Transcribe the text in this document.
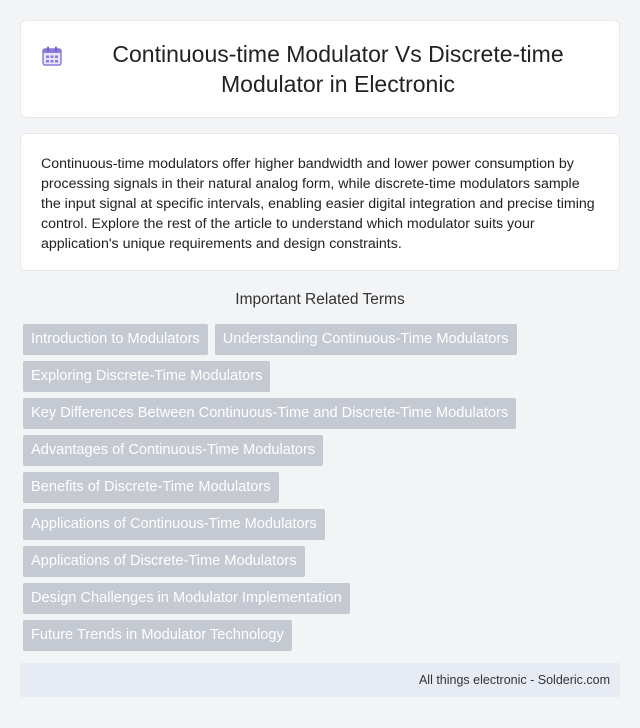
Continuous-time Modulator Vs Discrete-time Modulator in Electronic
Continuous-time modulators offer higher bandwidth and lower power consumption by processing signals in their natural analog form, while discrete-time modulators sample the input signal at specific intervals, enabling easier digital integration and precise timing control. Explore the rest of the article to understand which modulator suits your application's unique requirements and design constraints.
Important Related Terms
Introduction to Modulators	Understanding Continuous-Time Modulators
Exploring Discrete-Time Modulators
Key Differences Between Continuous-Time and Discrete-Time Modulators
Advantages of Continuous-Time Modulators
Benefits of Discrete-Time Modulators
Applications of Continuous-Time Modulators
Applications of Discrete-Time Modulators
Design Challenges in Modulator Implementation
Future Trends in Modulator Technology
All things electronic - Solderic.com
